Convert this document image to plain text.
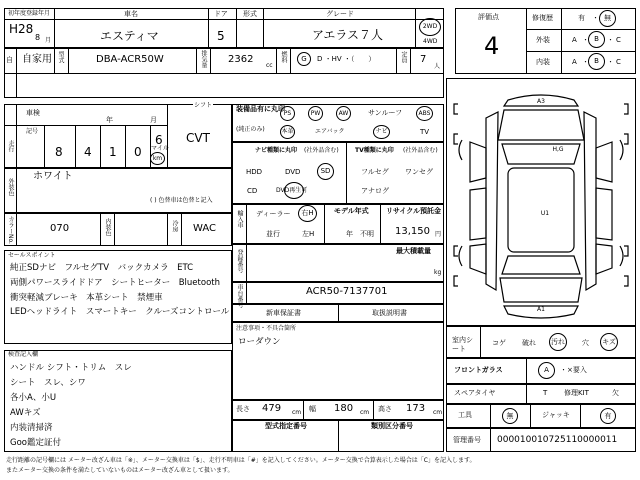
初年度登録年月	車名	ドア 形式	グレード
H28
8 月	エスティマ	5	アエラス７人
2WD
4WD
自 自家用 型式	DBA-ACR50W	排気量 2362
cc
燃料 G D ・HV ・（　　）	定員 7
人
評価点
4
修復歴	有 ・ 無
外装	A ・ B ・ C
内装	A ・ B ・ C
車検
年	月
シフト
CVT
走行
記号
8 4 1 0
6
マイル
km
外装色
ホワイト
( ) 色替車は色替と記入
カラーNo.	070	内装色	冷房 WAC
装備品有に丸印
(純正のみ)
PS	PW	AW	サンルーフ	ABS
本革	エアバック	ナビ	TV
ナビ種類に丸印 (社外品含む)	TV種類に丸印 (社外品含む)
HDD	DVD	SD
CD	DVD再生可
フルセグ ワンセグ
アナログ
輸入車 ディーラー 右H
並行	左H
モデル年式
年　不明
リサイクル預託金
13,150 円
登録番号	最大積載量
kg
車台番号	ACR50-7137701
セールスポイント
純正SDナビ　フルセグTV　バックカメラ　ETC
両側パワースライドドア　シートヒーター　Bluetooth
衝突軽減ブレーキ　本革シート　禁煙車
LEDヘッドライト　スマートキー　クルーズコントロール	新車保証書	取扱説明書
注意事項・不具合箇所
ローダウン
検査記入欄
ハンドル シフト・トリム　スレ
シート　スレ、シワ
各小A、小U
AWキズ
内装清掃済
Goo鑑定証付
長さ 479 cm 幅 180 cm 高さ 173 cm
型式指定番号	類別区分番号
A3
H,G
U1
A1
室内シート
コゲ 破れ 汚れ 穴 キズ
フロントガラス	A ・×要入
スペアタイヤ	T 修理KIT	欠
工具	無	ジャッキ	有
管理番号 000010010725110000011
走行距離の記号欄には メーター改ざん車は「※」、メーター交換車は「$」、走行不明車は「#」を記入してください。メーター交換で合算表示した場合は「C」を記入します。
またメーター交換の条件を満たしていないものはメーター改ざん車として扱います。
